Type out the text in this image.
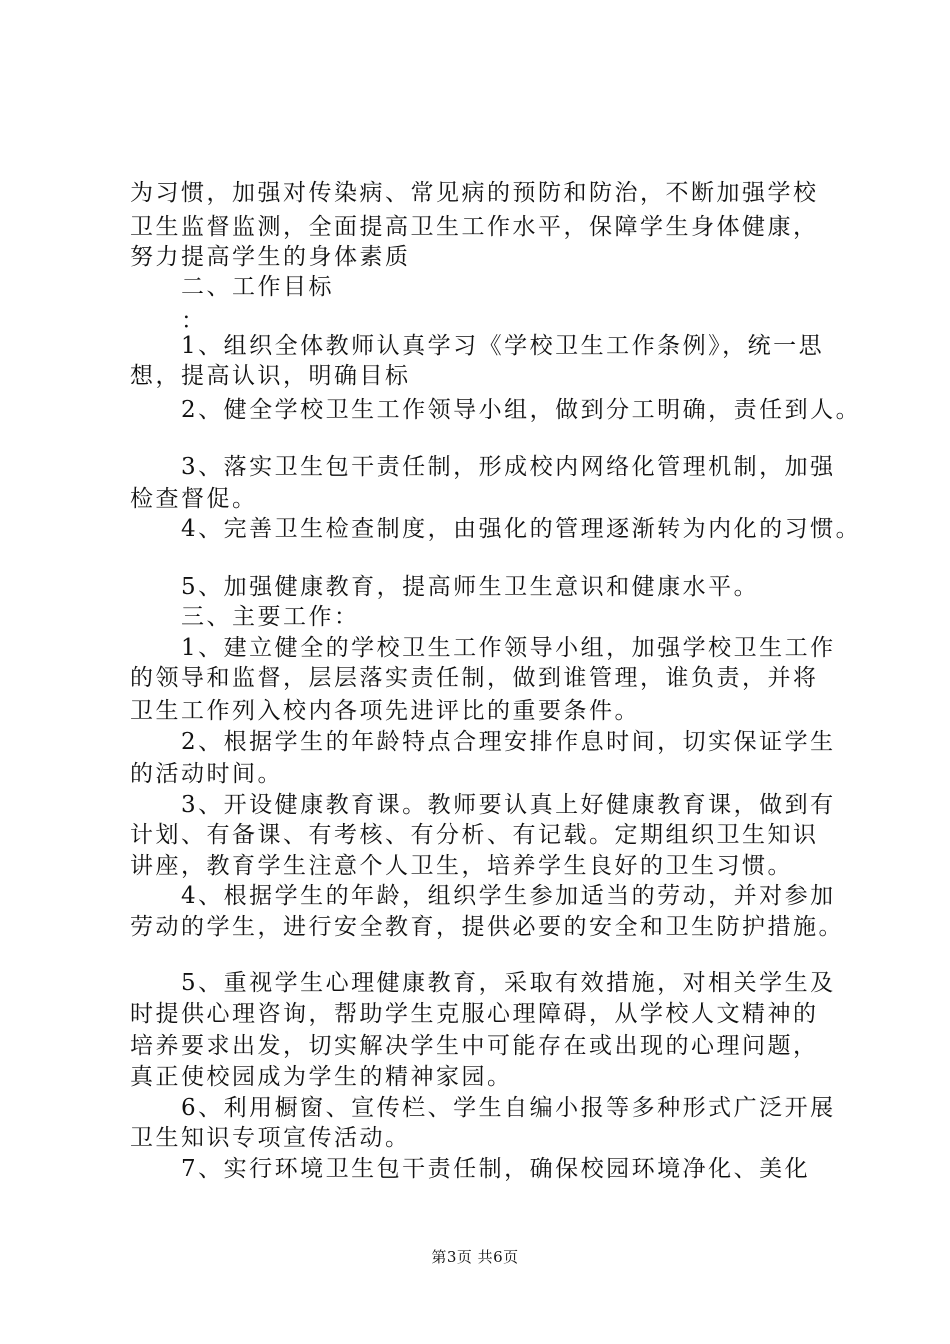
为习惯，加强对传染病、常见病的预防和防治，不断加强学校
卫生监督监测，全面提高卫生工作水平，保障学生身体健康，
努力提高学生的身体素质
　　二、工作目标
　　：
　　1、组织全体教师认真学习《学校卫生工作条例》，统一思
想，提高认识，明确目标
　　2、健全学校卫生工作领导小组，做到分工明确，责任到人。
　　3、落实卫生包干责任制，形成校内网络化管理机制，加强
检查督促。
　　4、完善卫生检查制度，由强化的管理逐渐转为内化的习惯。
　　5、加强健康教育，提高师生卫生意识和健康水平。
　　三、主要工作：
　　1、建立健全的学校卫生工作领导小组，加强学校卫生工作
的领导和监督，层层落实责任制，做到谁管理，谁负责，并将
卫生工作列入校内各项先进评比的重要条件。
　　2、根据学生的年龄特点合理安排作息时间，切实保证学生
的活动时间。
　　3、开设健康教育课。教师要认真上好健康教育课，做到有
计划、有备课、有考核、有分析、有记载。定期组织卫生知识
讲座，教育学生注意个人卫生，培养学生良好的卫生习惯。
　　4、根据学生的年龄，组织学生参加适当的劳动，并对参加
劳动的学生，进行安全教育，提供必要的安全和卫生防护措施。
　　5、重视学生心理健康教育，采取有效措施，对相关学生及
时提供心理咨询，帮助学生克服心理障碍，从学校人文精神的
培养要求出发，切实解决学生中可能存在或出现的心理问题，
真正使校园成为学生的精神家园。
　　6、利用橱窗、宣传栏、学生自编小报等多种形式广泛开展
卫生知识专项宣传活动。
　　7、实行环境卫生包干责任制，确保校园环境净化、美化
第3页 共6页
